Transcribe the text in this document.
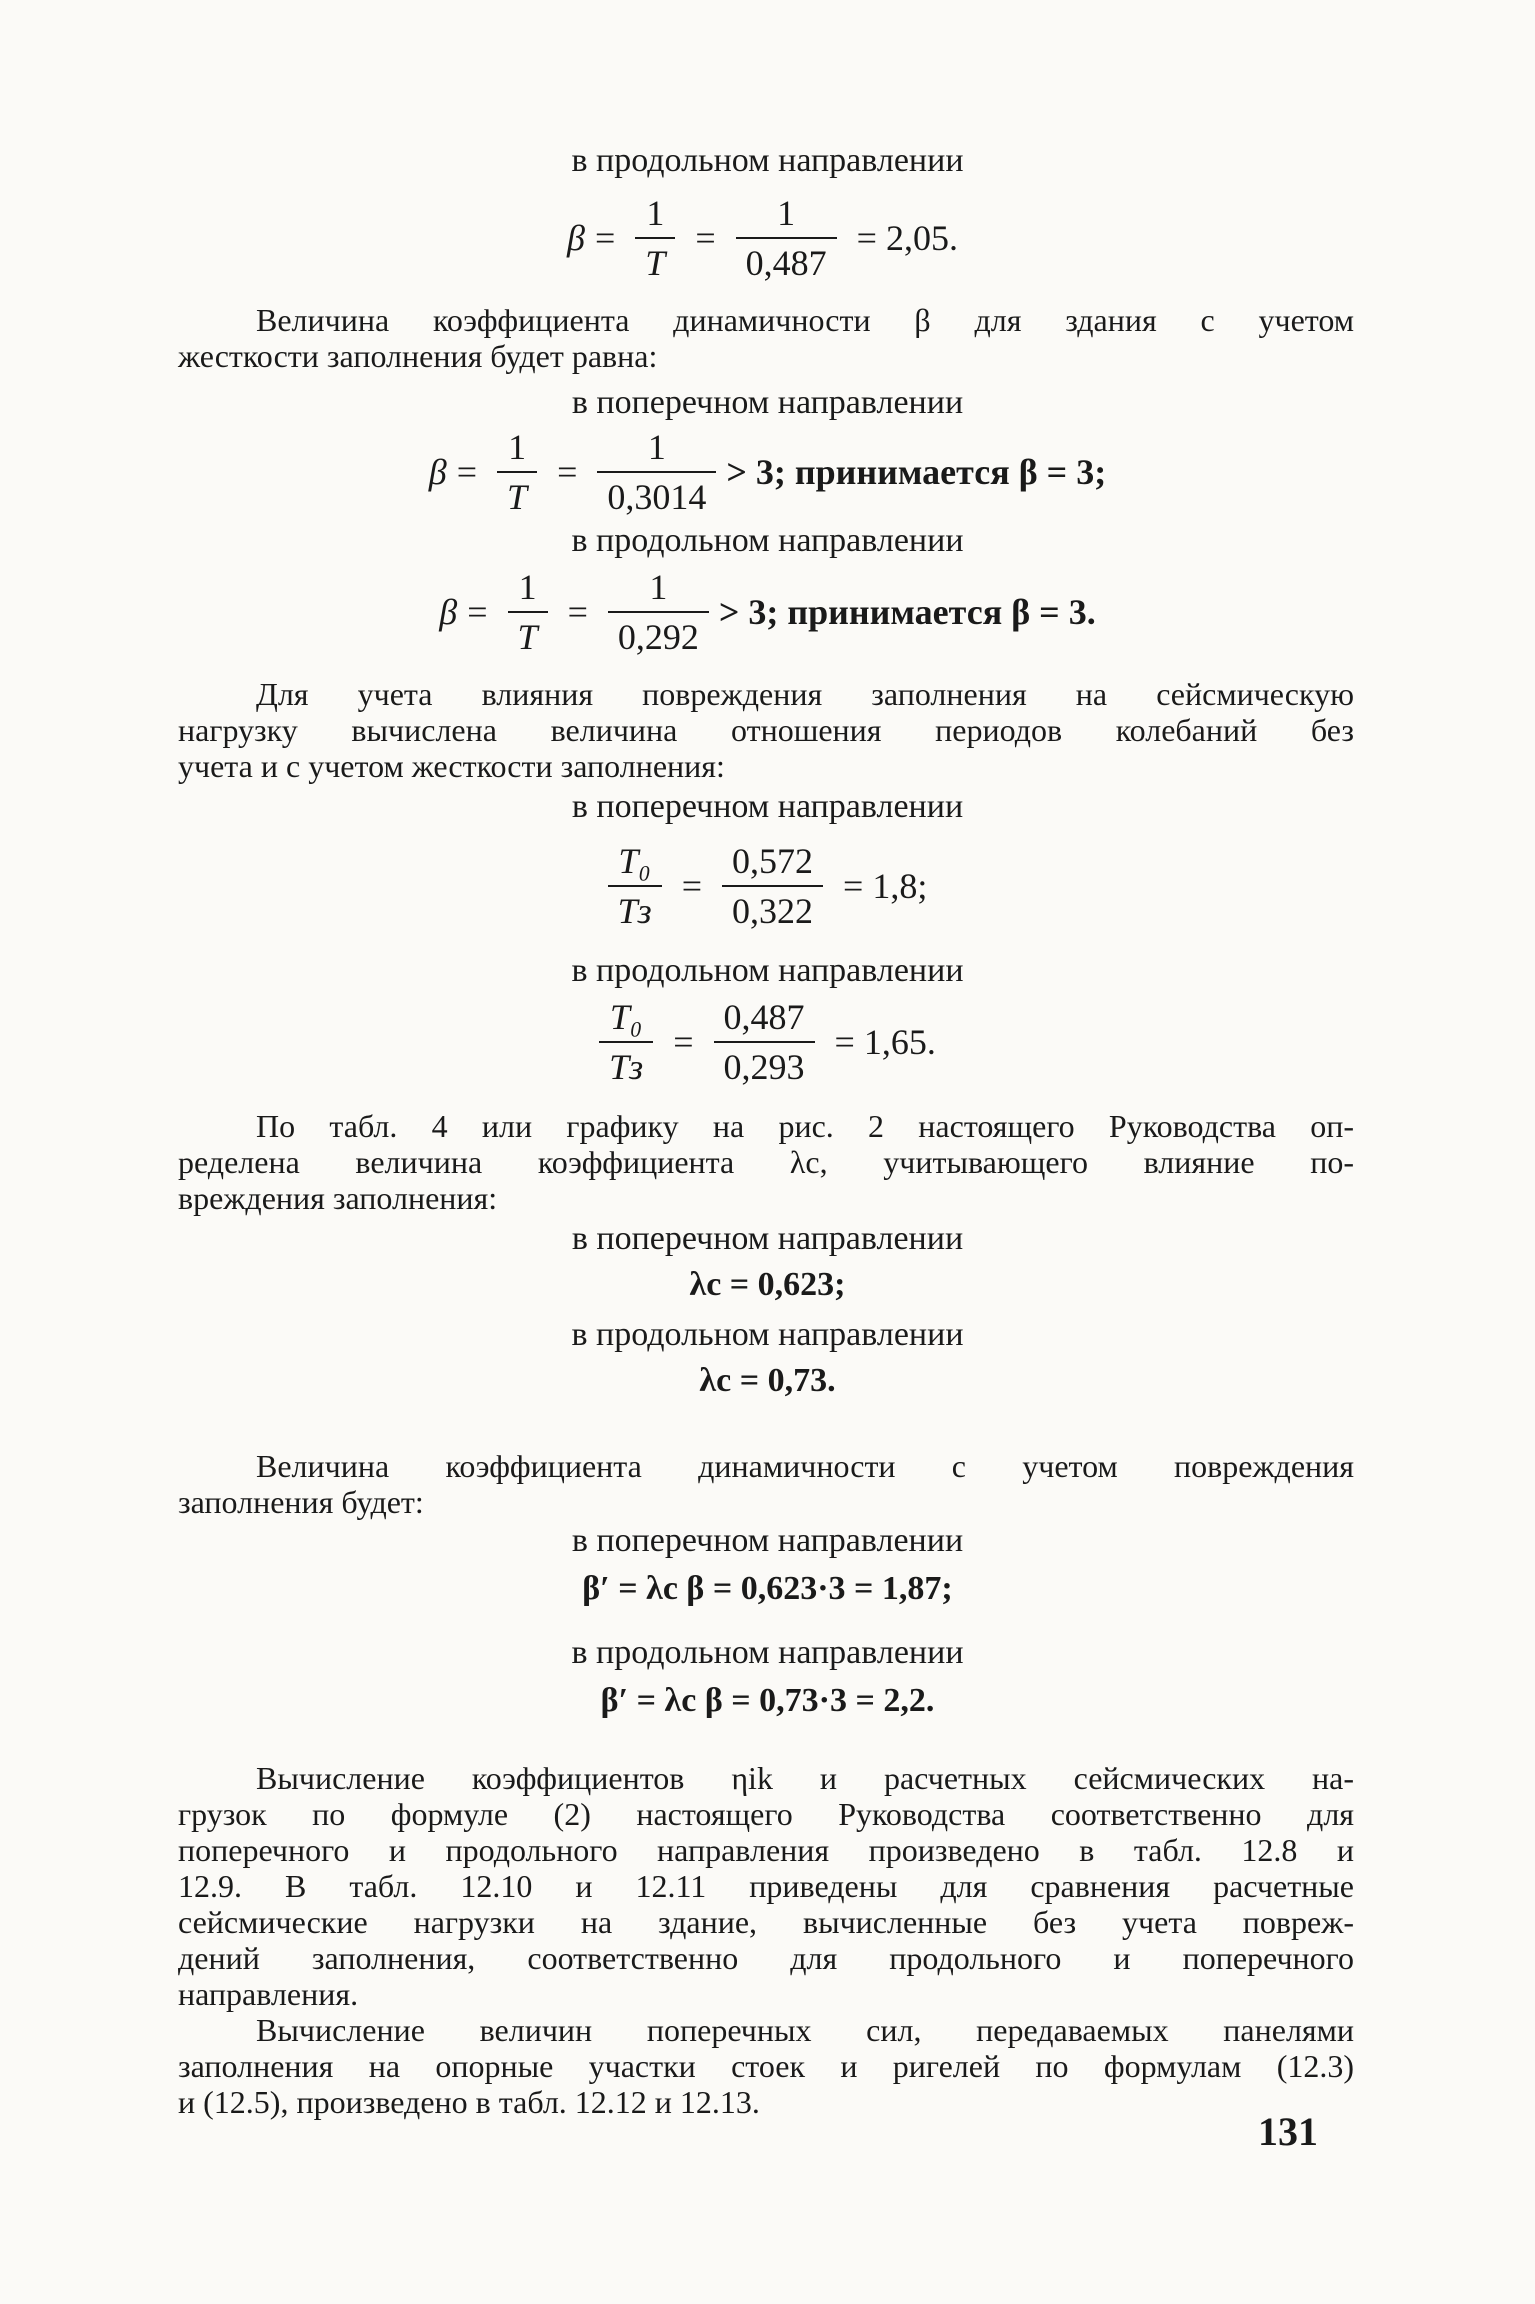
в продольном направлении
$\beta = \frac{1}{T} = \frac{1}{0,487} = 2,05$.
Величина коэффициента динамичности β для здания с учетом
жесткости заполнения будет равна:
в поперечном направлении
$\beta = \frac{1}{T} = \frac{1}{0,3014} > 3$; принимается β = 3;
в продольном направлении
$\beta = \frac{1}{T} = \frac{1}{0,292} > 3$; принимается β = 3.
Для учета влияния повреждения заполнения на сейсмическую
нагрузку вычислена величина отношения периодов колебаний без
учета и с учетом жесткости заполнения:
в поперечном направлении
$\frac{\text{T₀}}{Tз} = \frac{0,572}{0,322} = 1,8$;
в продольном направлении
$\frac{\text{T₀}}{Tз} = \frac{0,487}{0,293} = 1,65$.
По табл. 4 или графику на рис. 2 настоящего Руководства оп-
ределена величина коэффициента λс, учитывающего влияние по-
вреждения заполнения:
в поперечном направлении
λс = 0,623;
в продольном направлении
λс = 0,73.
Величина коэффициента динамичности с учетом повреждения
заполнения будет:
в поперечном направлении
β′ = λс β = 0,623·3 = 1,87;
в продольном направлении
β′ = λс β = 0,73·3 = 2,2.
Вычисление коэффициентов ηik и расчетных сейсмических на-
грузок по формуле (2) настоящего Руководства соответственно для
поперечного и продольного направления произведено в табл. 12.8 и
12.9. В табл. 12.10 и 12.11 приведены для сравнения расчетные
сейсмические нагрузки на здание, вычисленные без учета повреж-
дений заполнения, соответственно для продольного и поперечного
направления.
Вычисление величин поперечных сил, передаваемых панелями
заполнения на опорные участки стоек и ригелей по формулам (12.3)
и (12.5), произведено в табл. 12.12 и 12.13.
131
